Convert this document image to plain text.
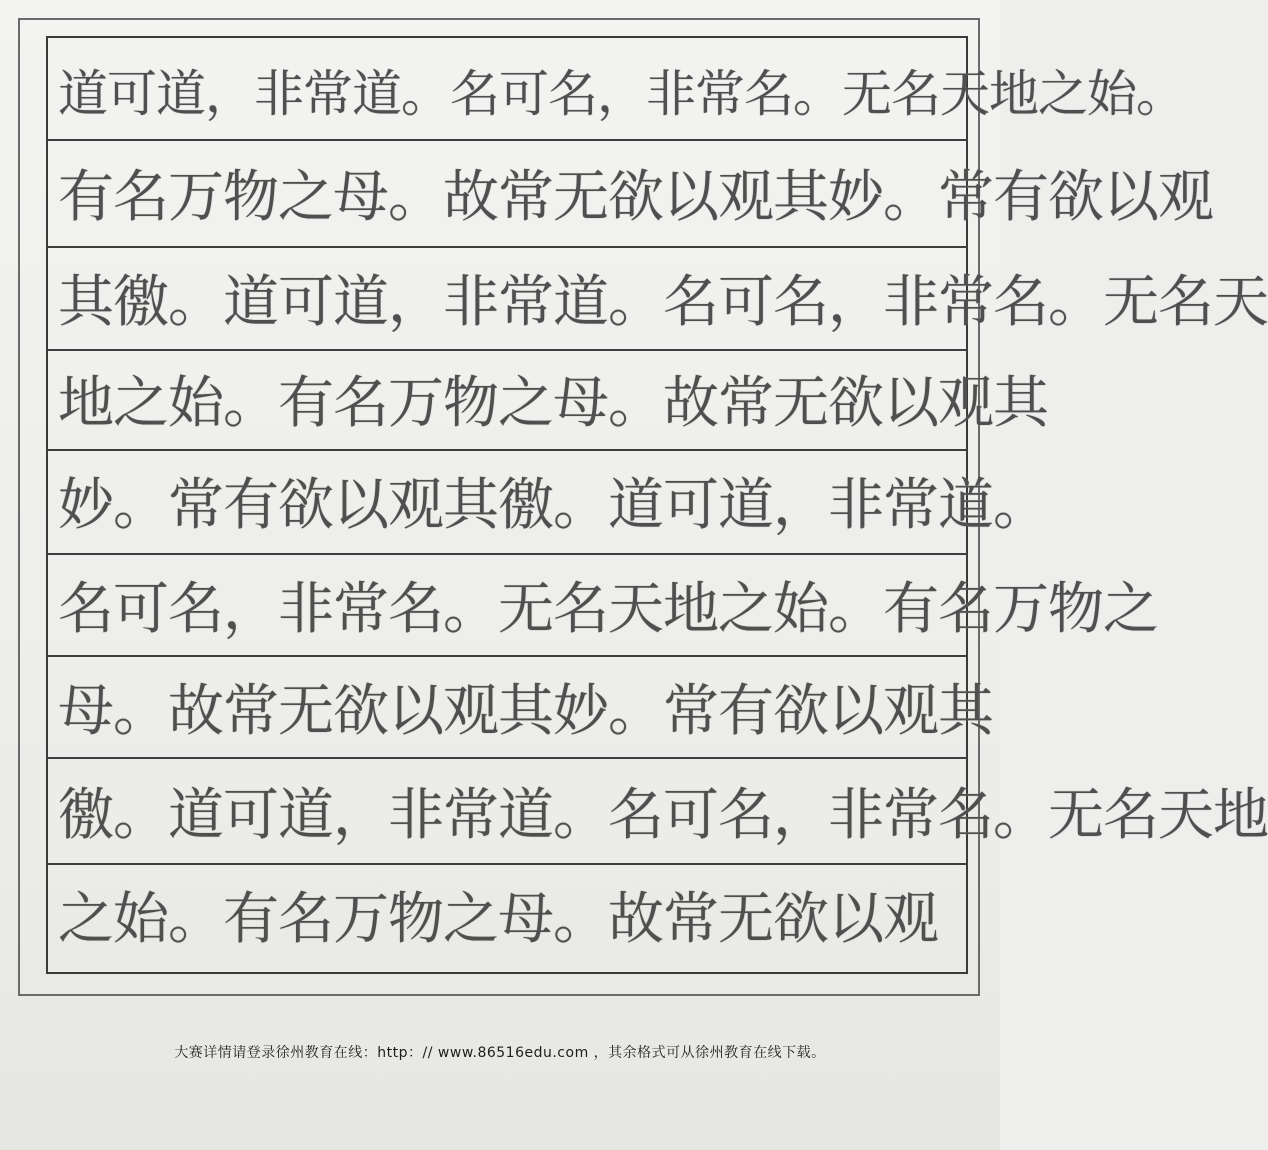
道可道，非常道。名可名，非常名。无名天地之始。
有名万物之母。故常无欲以观其妙。常有欲以观
其徼。道可道，非常道。名可名，非常名。无名天
地之始。有名万物之母。故常无欲以观其
妙。常有欲以观其徼。道可道，非常道。
名可名，非常名。无名天地之始。有名万物之
母。故常无欲以观其妙。常有欲以观其
徼。道可道，非常道。名可名，非常名。无名天地
之始。有名万物之母。故常无欲以观
大赛详情请登录徐州教育在线：http：// www.86516edu.com ，其余格式可从徐州教育在线下载。
